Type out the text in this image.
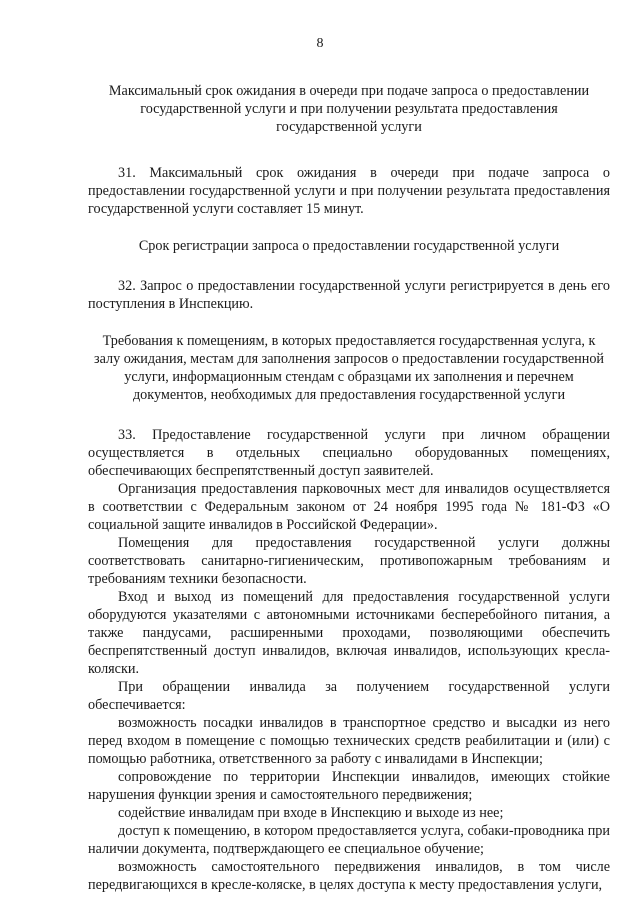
8

Максимальный срок ожидания в очереди при подаче запроса о предоставлении государственной услуги и при получении результата предоставления государственной услуги

31. Максимальный срок ожидания в очереди при подаче запроса о предоставлении государственной услуги и при получении результата предоставления государственной услуги составляет 15 минут.

Срок регистрации запроса о предоставлении государственной услуги

32. Запрос о предоставлении государственной услуги регистрируется в день его поступления в Инспекцию.

Требования к помещениям, в которых предоставляется государственная услуга, к залу ожидания, местам для заполнения запросов о предоставлении государственной услуги, информационным стендам с образцами их заполнения и перечнем документов, необходимых для предоставления государственной услуги

33. Предоставление государственной услуги при личном обращении осуществляется в отдельных специально оборудованных помещениях, обеспечивающих беспрепятственный доступ заявителей.

Организация предоставления парковочных мест для инвалидов осуществляется в соответствии с Федеральным законом от 24 ноября 1995 года № 181-ФЗ «О социальной защите инвалидов в Российской Федерации».

Помещения для предоставления государственной услуги должны соответствовать санитарно-гигиеническим, противопожарным требованиям и требованиям техники безопасности.

Вход и выход из помещений для предоставления государственной услуги оборудуются указателями с автономными источниками бесперебойного питания, а также пандусами, расширенными проходами, позволяющими обеспечить беспрепятственный доступ инвалидов, включая инвалидов, использующих кресла-коляски.

При обращении инвалида за получением государственной услуги обеспечивается:

возможность посадки инвалидов в транспортное средство и высадки из него перед входом в помещение с помощью технических средств реабилитации и (или) с помощью работника, ответственного за работу с инвалидами в Инспекции;

сопровождение по территории Инспекции инвалидов, имеющих стойкие нарушения функции зрения и самостоятельного передвижения;

содействие инвалидам при входе в Инспекцию и выходе из нее;

доступ к помещению, в котором предоставляется услуга, собаки-проводника при наличии документа, подтверждающего ее специальное обучение;

возможность самостоятельного передвижения инвалидов, в том числе передвигающихся в кресле-коляске, в целях доступа к месту предоставления услуги,
